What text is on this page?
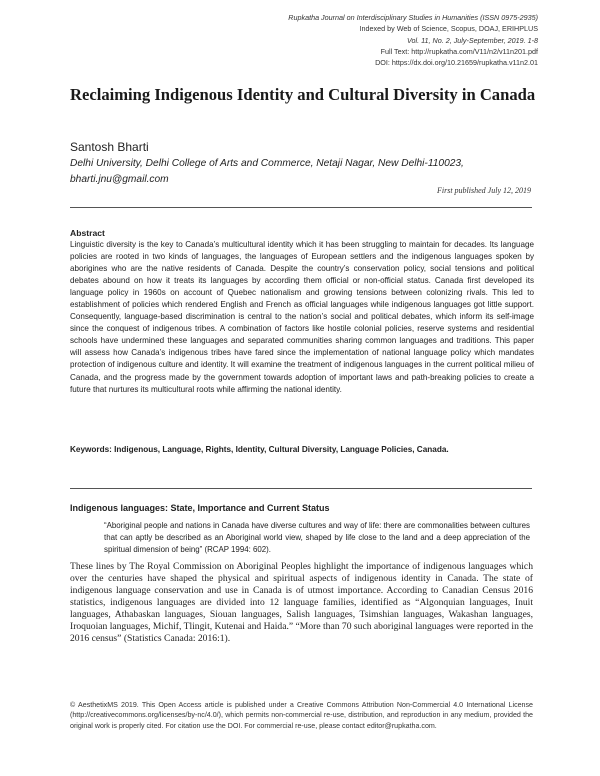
Rupkatha Journal on Interdisciplinary Studies in Humanities (ISSN 0975-2935)
Indexed by Web of Science, Scopus, DOAJ, ERIHPLUS
Vol. 11, No. 2, July-September, 2019. 1-8
Full Text: http://rupkatha.com/V11/n2/v11n201.pdf
DOI: https://dx.doi.org/10.21659/rupkatha.v11n2.01
Reclaiming Indigenous Identity and Cultural Diversity in Canada
Santosh Bharti
Delhi University, Delhi College of Arts and Commerce, Netaji Nagar, New Delhi-110023,
bharti.jnu@gmail.com
First published July 12, 2019
Abstract

Linguistic diversity is the key to Canada’s multicultural identity which it has been struggling to maintain for decades. Its language policies are rooted in two kinds of languages, the languages of European settlers and the indigenous languages spoken by aborigines who are the native residents of Canada. Despite the country’s conservation policy, social tensions and political debates abound on how it treats its languages by according them official or non-official status. Canada first developed its language policy in 1960s on account of Quebec nationalism and growing tensions between colonizing rivals. This led to establishment of policies which rendered English and French as official languages while indigenous languages got little support. Consequently, language-based discrimination is central to the nation’s social and political debates, which inform its self-image since the conquest of indigenous tribes. A combination of factors like hostile colonial policies, reserve systems and residential schools have undermined these languages and separated communities sharing common languages and traditions. This paper will assess how Canada’s indigenous tribes have fared since the implementation of national language policy which mandates protection of indigenous culture and identity. It will examine the treatment of indigenous languages in the current political milieu of Canada, and the progress made by the government towards adoption of important laws and path-breaking policies to create a future that nurtures its multicultural roots while affirming the national identity.

Keywords: Indigenous, Language, Rights, Identity, Cultural Diversity, Language Policies, Canada.
Indigenous languages: State, Importance and Current Status

“Aboriginal people and nations in Canada have diverse cultures and way of life: there are commonalities between cultures that can aptly be described as an Aboriginal world view, shaped by life close to the land and a deep appreciation of the spiritual dimension of being” (RCAP 1994: 602).

These lines by The Royal Commission on Aboriginal Peoples highlight the importance of indigenous languages which over the centuries have shaped the physical and spiritual aspects of indigenous identity in Canada. The state of indigenous language conservation and use in Canada is of utmost importance. According to Canadian Census 2016 statistics, indigenous languages are divided into 12 language families, identified as “Algonquian languages, Inuit languages, Athabaskan languages, Siouan languages, Salish languages, Tsimshian languages, Wakashan languages, Iroquoian languages, Michif, Tlingit, Kutenai and Haida.” “More than 70 such aboriginal languages were reported in the 2016 census” (Statistics Canada: 2016:1).

© AesthetixMS 2019. This Open Access article is published under a Creative Commons Attribution Non-Commercial 4.0 International License (http://creativecommons.org/licenses/by-nc/4.0/), which permits non-commercial re-use, distribution, and reproduction in any medium, provided the original work is properly cited. For citation use the DOI. For commercial re-use, please contact editor@rupkatha.com.
